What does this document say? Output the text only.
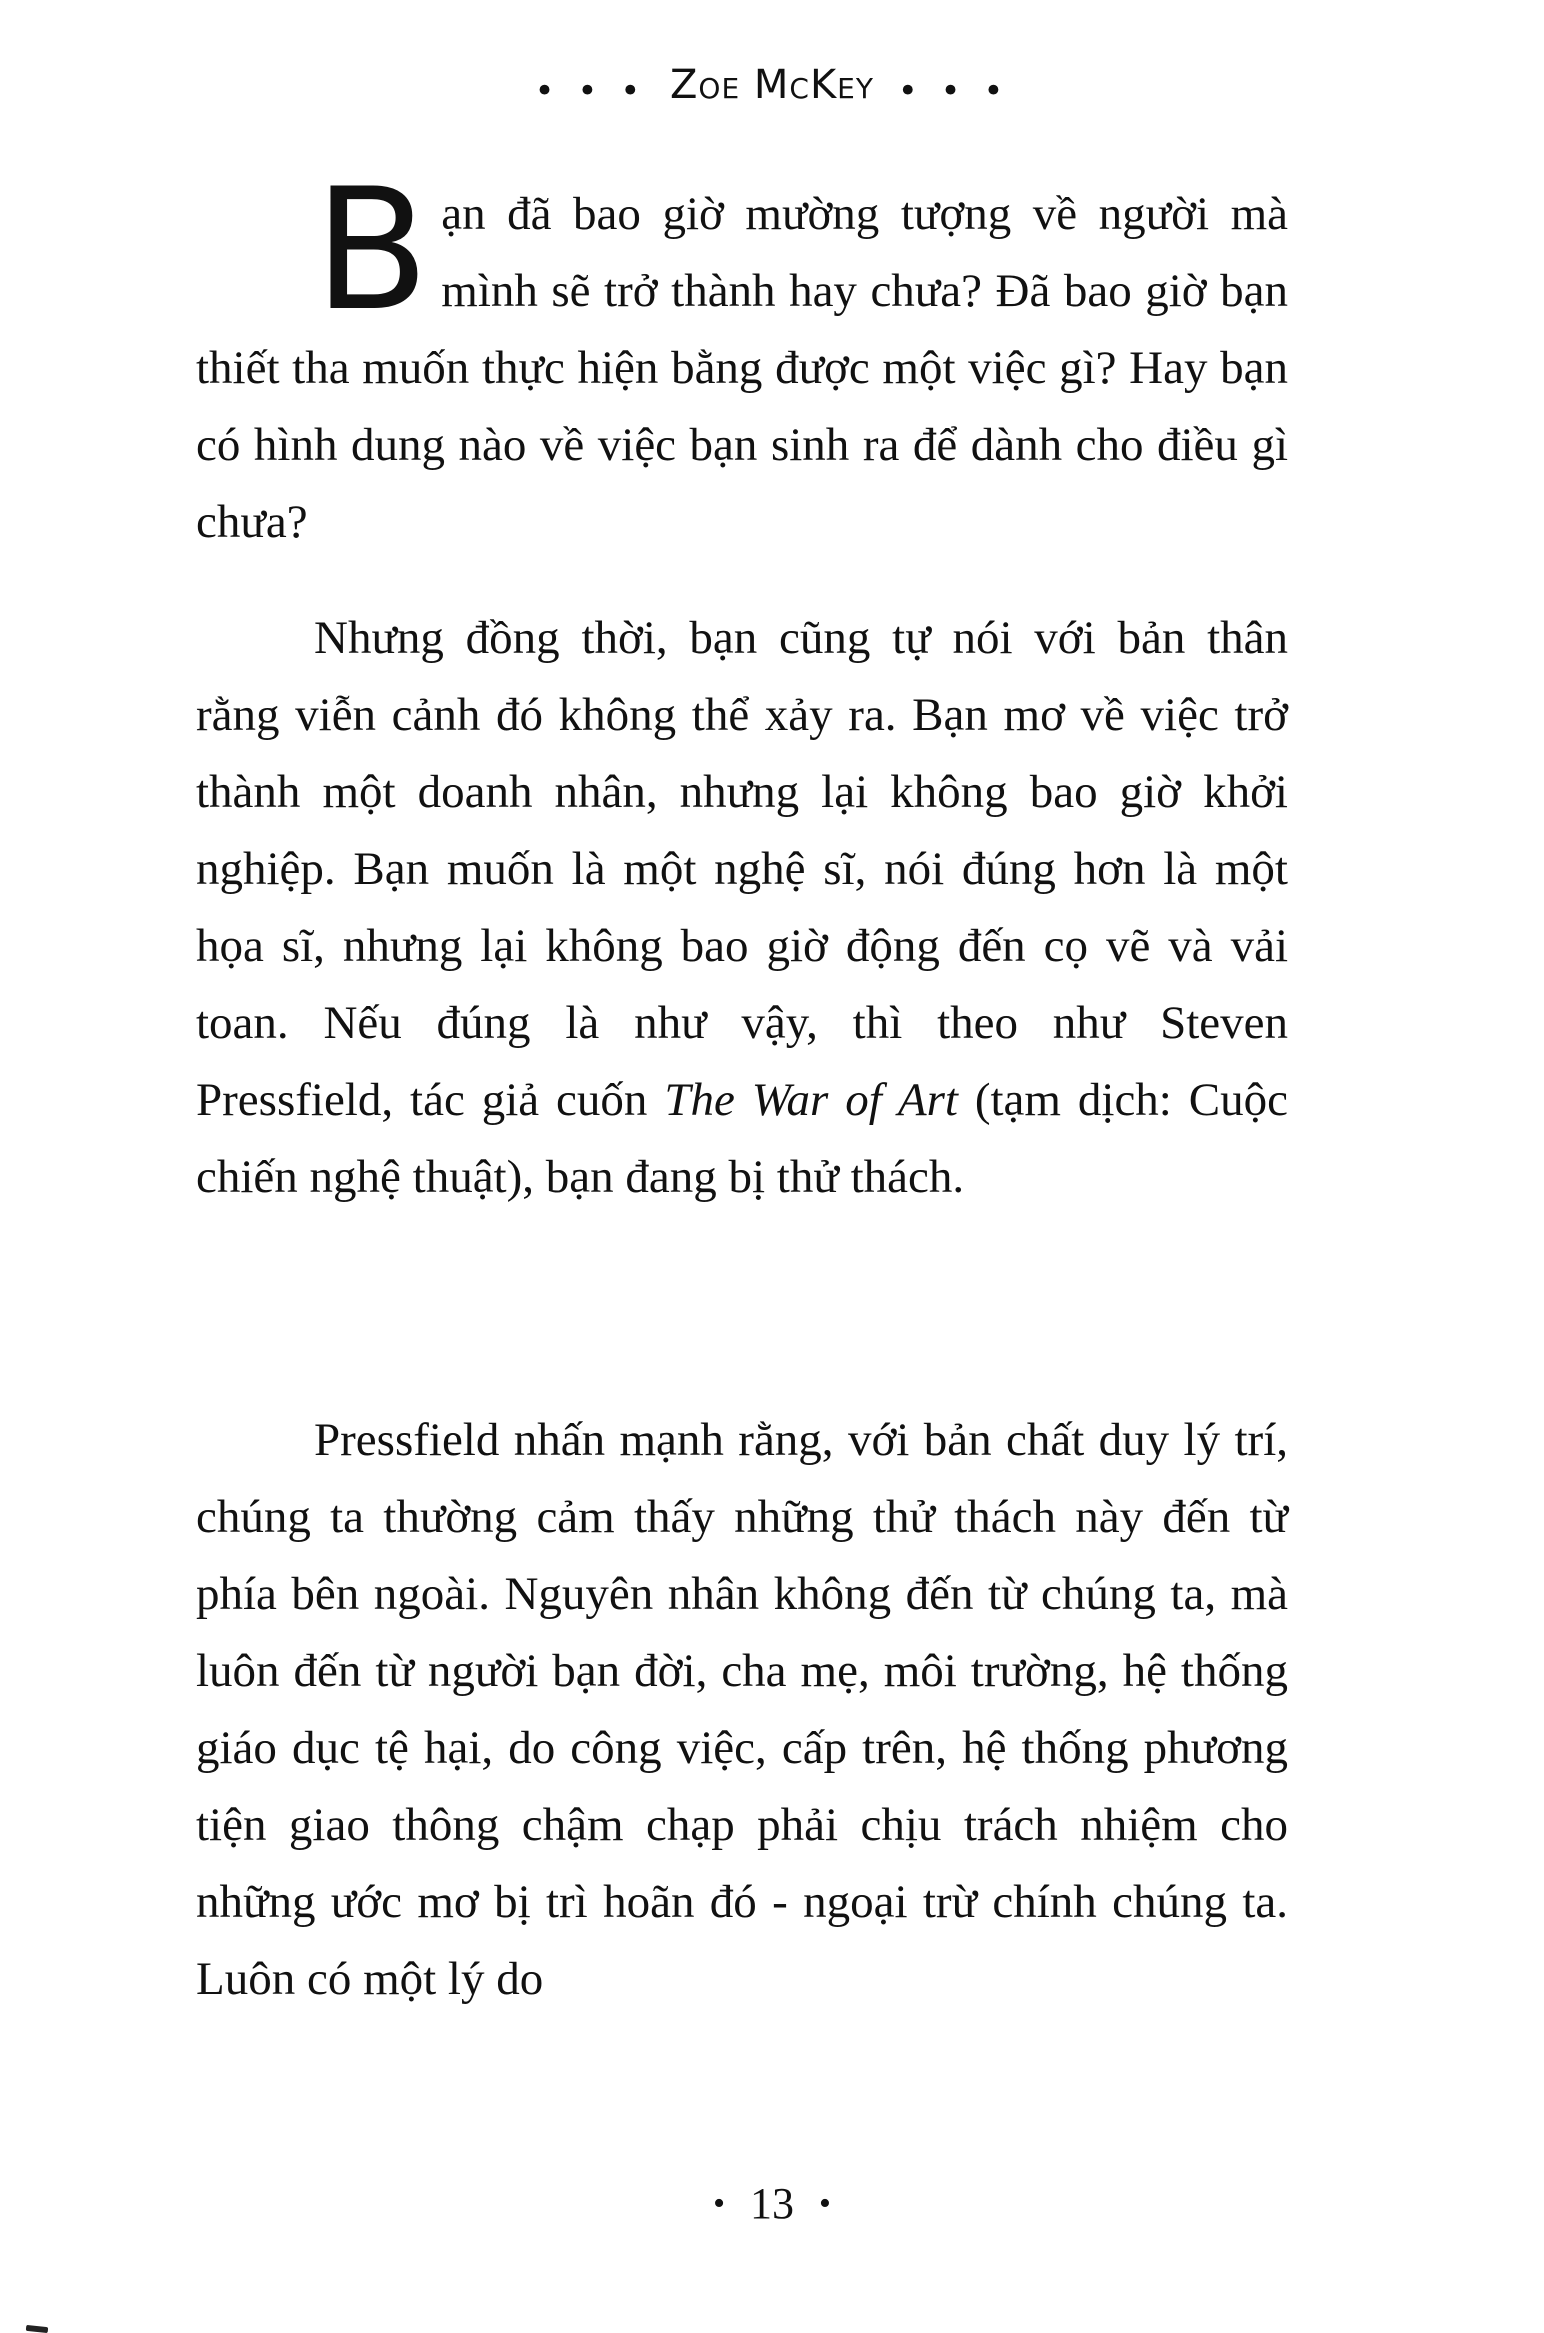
• • • Zoe McKey • • •

Bạn đã bao giờ mường tượng về người mà mình sẽ trở thành hay chưa? Đã bao giờ bạn thiết tha muốn thực hiện bằng được một việc gì? Hay bạn có hình dung nào về việc bạn sinh ra để dành cho điều gì chưa?

Nhưng đồng thời, bạn cũng tự nói với bản thân rằng viễn cảnh đó không thể xảy ra. Bạn mơ về việc trở thành một doanh nhân, nhưng lại không bao giờ khởi nghiệp. Bạn muốn là một nghệ sĩ, nói đúng hơn là một họa sĩ, nhưng lại không bao giờ động đến cọ vẽ và vải toan. Nếu đúng là như vậy, thì theo như Steven Pressfield, tác giả cuốn The War of Art (tạm dịch: Cuộc chiến nghệ thuật), bạn đang bị thử thách.

Pressfield nhấn mạnh rằng, với bản chất duy lý trí, chúng ta thường cảm thấy những thử thách này đến từ phía bên ngoài. Nguyên nhân không đến từ chúng ta, mà luôn đến từ người bạn đời, cha mẹ, môi trường, hệ thống giáo dục tệ hại, do công việc, cấp trên, hệ thống phương tiện giao thông chậm chạp phải chịu trách nhiệm cho những ước mơ bị trì hoãn đó - ngoại trừ chính chúng ta. Luôn có một lý do

• 13 •
